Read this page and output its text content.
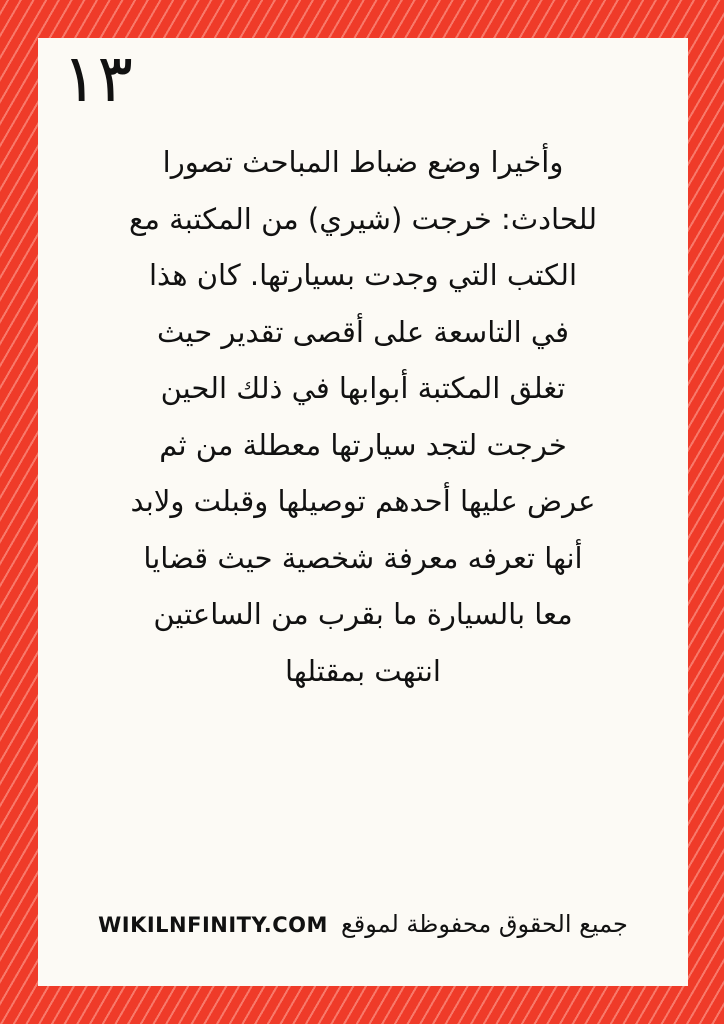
١٣

وأخيرا وضع ضباط المباحث تصورا
للحادث: خرجت (شيري) من المكتبة مع
الكتب التي وجدت بسيارتها. كان هذا
في التاسعة على أقصى تقدير حيث
تغلق المكتبة أبوابها في ذلك الحين
خرجت لتجد سيارتها معطلة من ثم
عرض عليها أحدهم توصيلها وقبلت ولابد
أنها تعرفه معرفة شخصية حيث قضايا
معا بالسيارة ما بقرب من الساعتين
انتهت بمقتلها

WIKILNFINITY.COM جميع الحقوق محفوظة لموقع
